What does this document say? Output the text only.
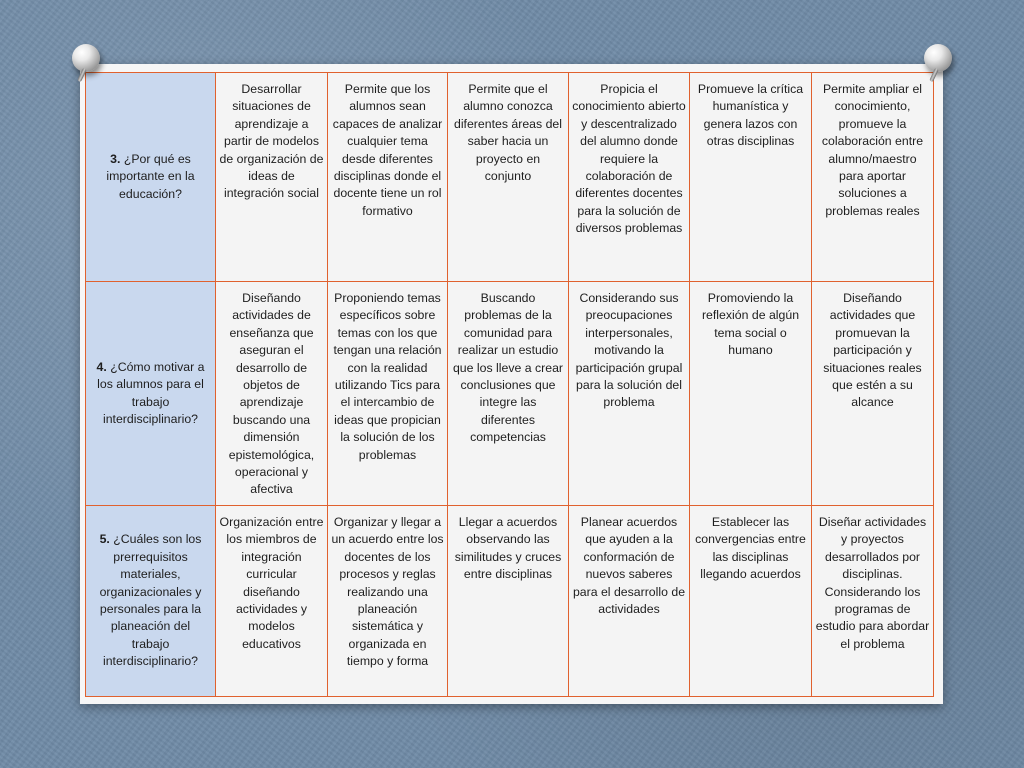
3. ¿Por qué es importante en la educación?	Desarrollar situaciones de aprendizaje a partir de modelos de organización de ideas de integración social	Permite que los alumnos sean capaces de analizar cualquier tema desde diferentes disciplinas donde el docente tiene un rol formativo	Permite que el alumno conozca diferentes áreas del saber hacia un proyecto en conjunto	Propicia el conocimiento abierto y descentralizado del alumno donde requiere la colaboración de diferentes docentes para la solución de diversos problemas	Promueve la crítica humanística y genera lazos con otras disciplinas	Permite ampliar el conocimiento, promueve la colaboración entre alumno/maestro para aportar soluciones a problemas reales
4. ¿Cómo motivar a los alumnos para el trabajo interdisciplinario?	Diseñando actividades de enseñanza que aseguran el desarrollo de objetos de aprendizaje buscando una dimensión epistemológica, operacional y afectiva	Proponiendo temas específicos sobre temas con los que tengan una relación con la realidad utilizando Tics para el intercambio de ideas que propician la solución de los problemas	Buscando problemas de la comunidad para realizar un estudio que los lleve a crear conclusiones que integre las diferentes competencias	Considerando sus preocupaciones interpersonales, motivando la participación grupal para la solución del problema	Promoviendo la reflexión de algún tema social o humano	Diseñando actividades que promuevan la participación y situaciones reales que estén a su alcance
5. ¿Cuáles son los prerrequisitos materiales, organizacionales y personales para la planeación del trabajo interdisciplinario?	Organización entre los miembros de integración curricular diseñando actividades y modelos educativos	Organizar y llegar a un acuerdo entre los docentes de los procesos y reglas realizando una planeación sistemática y organizada en tiempo y forma	Llegar a acuerdos observando las similitudes y cruces entre disciplinas	Planear acuerdos que ayuden a la conformación de nuevos saberes para el desarrollo de actividades	Establecer las convergencias entre las disciplinas llegando acuerdos	Diseñar actividades y proyectos desarrollados por disciplinas. Considerando los programas de estudio para abordar el problema
